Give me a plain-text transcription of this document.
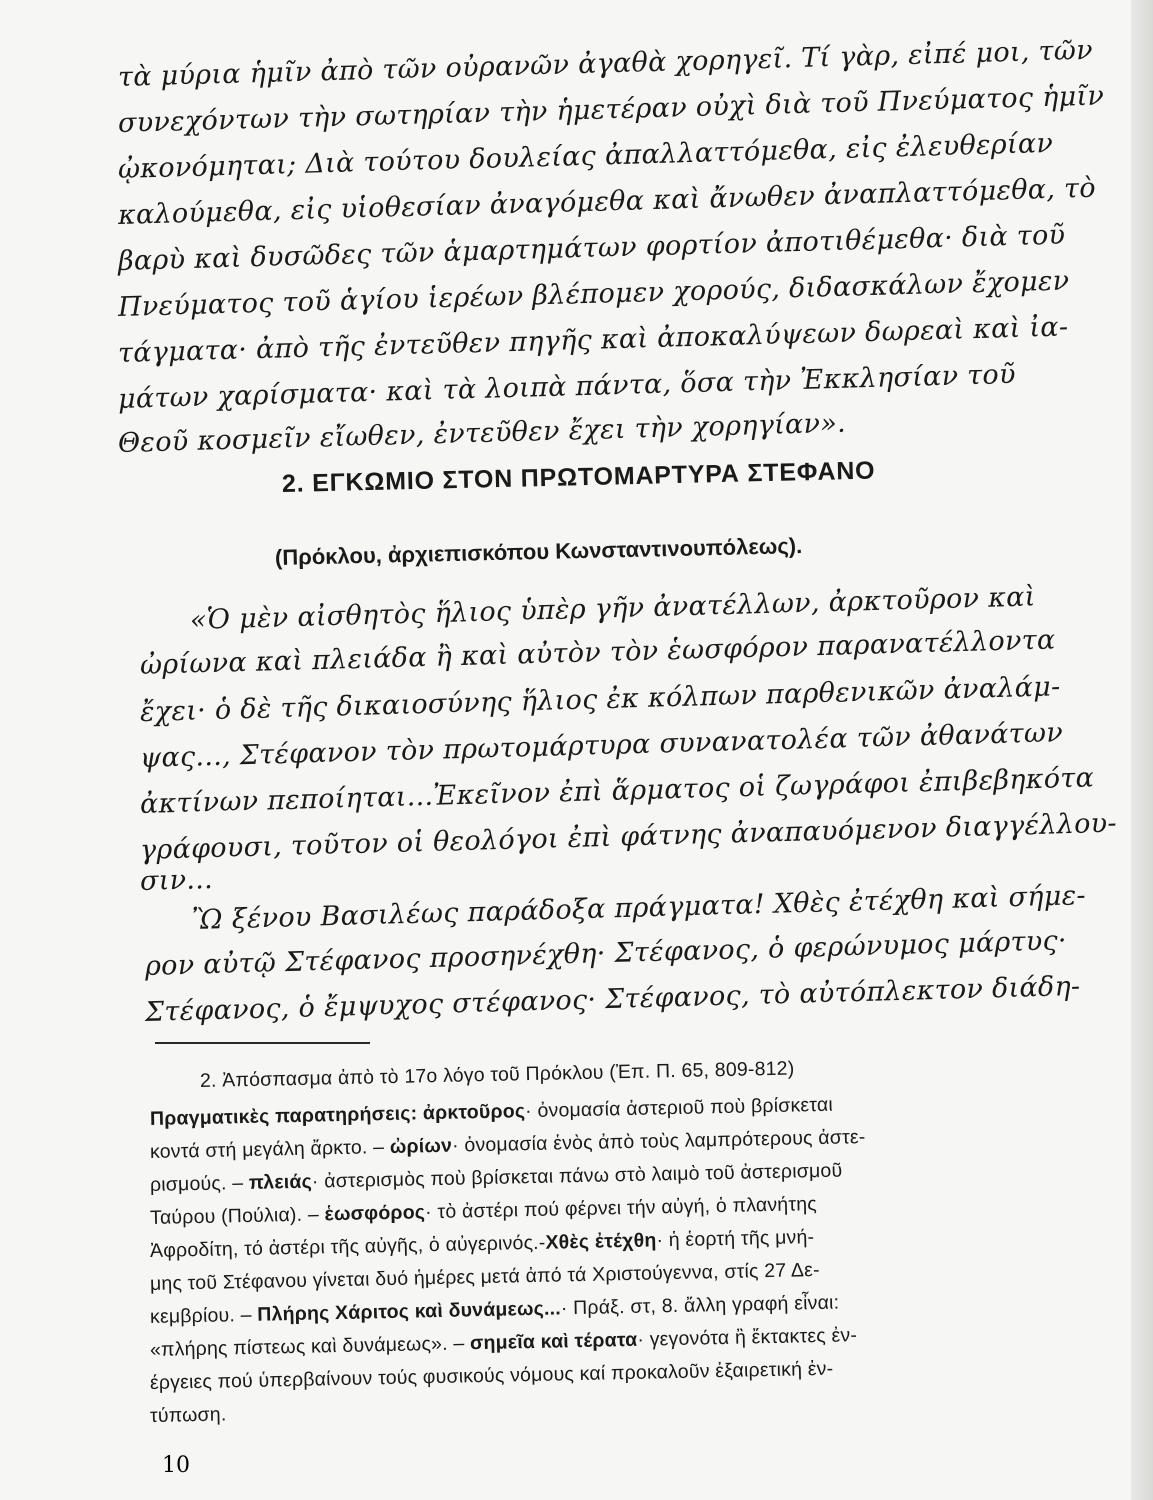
τὰ μύρια ἡμῖν ἀπὸ τῶν οὐρανῶν ἀγαθὰ χορηγεῖ. Τί γὰρ, εἰπέ μοι, τῶν
συνεχόντων τὴν σωτηρίαν τὴν ἡμετέραν οὐχὶ διὰ τοῦ Πνεύματος ἡμῖν
ᾠκονόμηται; Διὰ τούτου δουλείας ἀπαλλαττόμεθα, εἰς ἐλευθερίαν
καλούμεθα, εἰς υἱοθεσίαν ἀναγόμεθα καὶ ἄνωθεν ἀναπλαττόμεθα, τὸ
βαρὺ καὶ δυσῶδες τῶν ἁμαρτημάτων φορτίον ἀποτιθέμεθα· διὰ τοῦ
Πνεύματος τοῦ ἁγίου ἱερέων βλέπομεν χορούς, διδασκάλων ἔχομεν
τάγματα· ἀπὸ τῆς ἐντεῦθεν πηγῆς καὶ ἀποκαλύψεων δωρεαὶ καὶ ἰα-
μάτων χαρίσματα· καὶ τὰ λοιπὰ πάντα, ὅσα τὴν Ἐκκλησίαν τοῦ
Θεοῦ κοσμεῖν εἴωθεν, ἐντεῦθεν ἔχει τὴν χορηγίαν».
2. ΕΓΚΩΜΙΟ ΣΤΟΝ ΠΡΩΤΟΜΑΡΤΥΡΑ ΣΤΕΦΑΝΟ
(Πρόκλου, ἀρχιεπισκόπου Κωνσταντινουπόλεως).
«Ὁ μὲν αἰσθητὸς ἥλιος ὑπὲρ γῆν ἀνατέλλων, ἀρκτοῦρον καὶ
ὠρίωνα καὶ πλειάδα ἢ καὶ αὐτὸν τὸν ἑωσφόρον παρανατέλλοντα
ἔχει· ὁ δὲ τῆς δικαιοσύνης ἥλιος ἐκ κόλπων παρθενικῶν ἀναλάμ-
ψας..., Στέφανον τὸν πρωτομάρτυρα συνανατολέα τῶν ἀθανάτων
ἀκτίνων πεποίηται...Ἐκεῖνον ἐπὶ ἅρματος οἱ ζωγράφοι ἐπιβεβηκότα
γράφουσι, τοῦτον οἱ θεολόγοι ἐπὶ φάτνης ἀναπαυόμενον διαγγέλλου-
σιν...
Ὢ ξένου Βασιλέως παράδοξα πράγματα! Χθὲς ἐτέχθη καὶ σήμε-
ρον αὐτῷ Στέφανος προσηνέχθη· Στέφανος, ὁ φερώνυμος μάρτυς·
Στέφανος, ὁ ἔμψυχος στέφανος· Στέφανος, τὸ αὐτόπλεκτον διάδη-
2. Ἀπόσπασμα ἀπὸ τὸ 17ο λόγο τοῦ Πρόκλου (Ἐπ. Π. 65, 809-812)
Πραγματικὲς παρατηρήσεις: ἀρκτοῦρος· ὀνομασία ἀστεριοῦ ποὺ βρίσκεται
κοντά στή μεγάλη ἄρκτο. – ὠρίων· ὀνομασία ἑνὸς ἀπὸ τοὺς λαμπρότερους ἀστε-
ρισμούς. – πλειάς· ἀστερισμὸς ποὺ βρίσκεται πάνω στὸ λαιμὸ τοῦ ἀστερισμοῦ
Ταύρου (Πούλια). – ἑωσφόρος· τὸ ἀστέρι πού φέρνει τήν αὐγή, ὁ πλανήτης
Ἀφροδίτη, τό ἀστέρι τῆς αὐγῆς, ὁ αὐγερινός.-Χθὲς ἐτέχθη· ἡ ἑορτή τῆς μνή-
μης τοῦ Στέφανου γίνεται δυό ἡμέρες μετά ἀπό τά Χριστούγεννα, στίς 27 Δε-
κεμβρίου. – Πλήρης Χάριτος καὶ δυνάμεως...· Πράξ. στ, 8. ἄλλη γραφή εἶναι:
«πλήρης πίστεως καὶ δυνάμεως». – σημεῖα καὶ τέρατα· γεγονότα ἢ ἔκτακτες ἐν-
έργειες πού ὑπερβαίνουν τούς φυσικούς νόμους καί προκαλοῦν ἐξαιρετική ἐν-
τύπωση.
10
